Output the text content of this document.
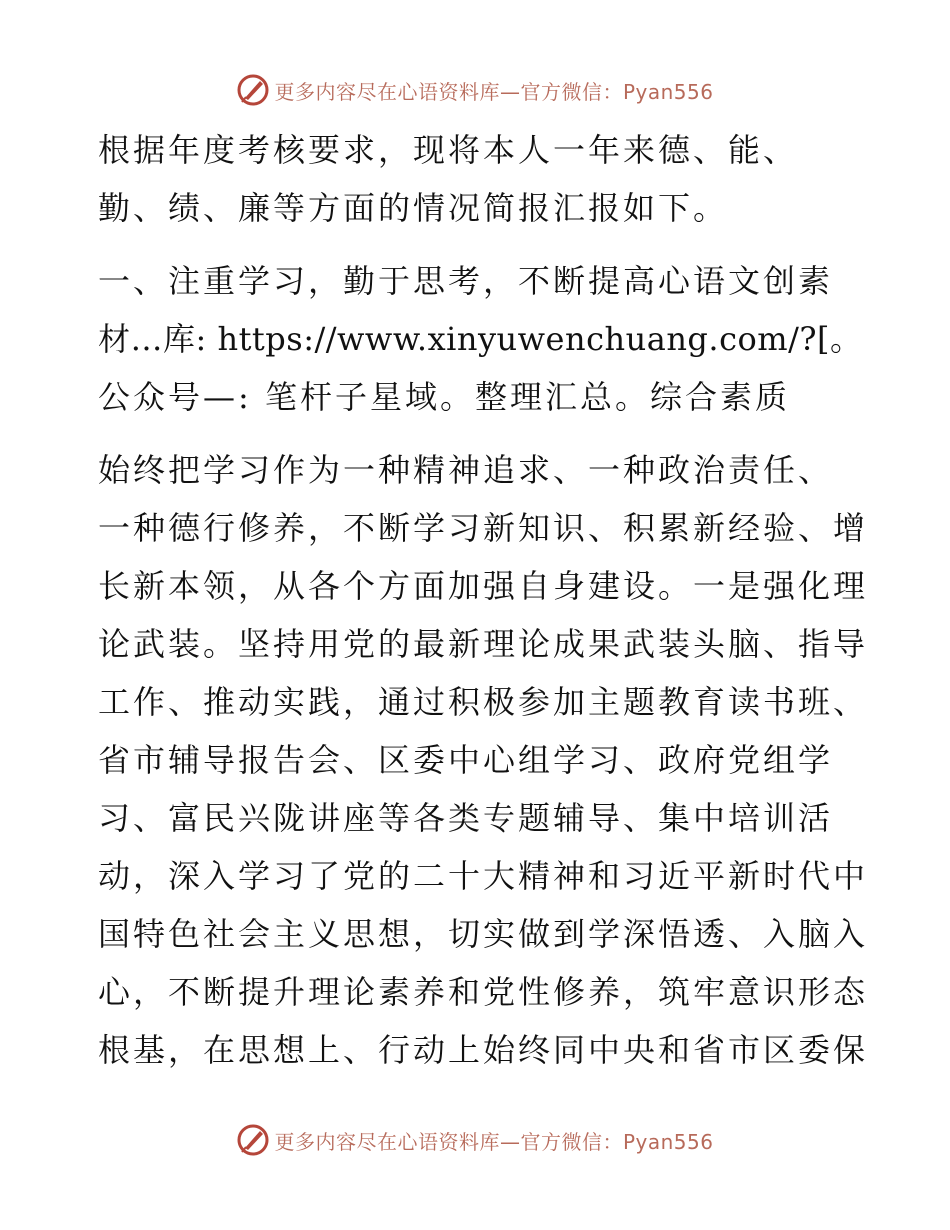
更多内容尽在心语资料库—官方微信：Pyan556
根据年度考核要求，现将本人一年来德、能、
勤、绩、廉等方面的情况简报汇报如下。
一、注重学习，勤于思考，不断提高心语文创素
材…库: https://www.xinyuwenchuang.com/?[。
公众号—: 笔杆子星域。整理汇总。综合素质
始终把学习作为一种精神追求、一种政治责任、
一种德行修养，不断学习新知识、积累新经验、增
长新本领，从各个方面加强自身建设。一是强化理
论武装。坚持用党的最新理论成果武装头脑、指导
工作、推动实践，通过积极参加主题教育读书班、
省市辅导报告会、区委中心组学习、政府党组学
习、富民兴陇讲座等各类专题辅导、集中培训活
动，深入学习了党的二十大精神和习近平新时代中
国特色社会主义思想，切实做到学深悟透、入脑入
心，不断提升理论素养和党性修养，筑牢意识形态
根基，在思想上、行动上始终同中央和省市区委保
更多内容尽在心语资料库—官方微信：Pyan556
